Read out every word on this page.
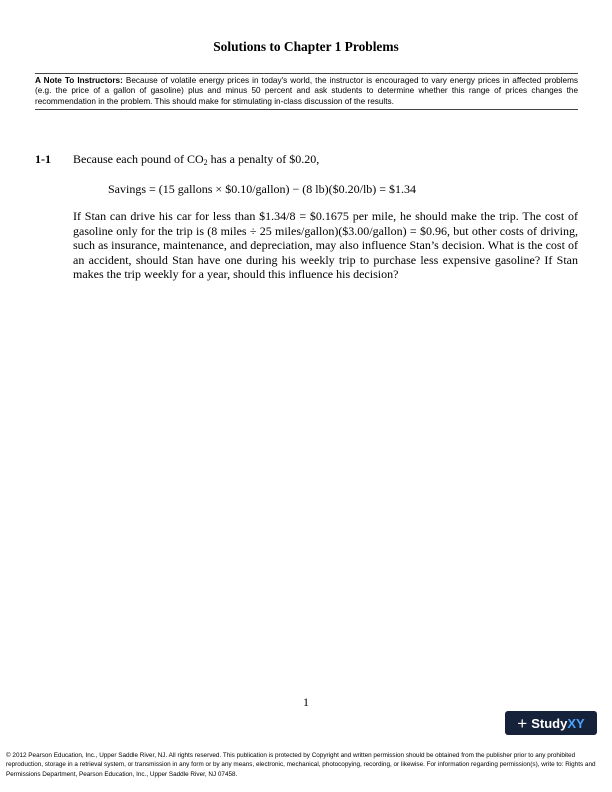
Solutions to Chapter 1 Problems
A Note To Instructors: Because of volatile energy prices in today's world, the instructor is encouraged to vary energy prices in affected problems (e.g. the price of a gallon of gasoline) plus and minus 50 percent and ask students to determine whether this range of prices changes the recommendation in the problem. This should make for stimulating in-class discussion of the results.
1-1 Because each pound of $CO_2$ has a penalty of $0.20,
Savings = (15 gallons × $0.10/gallon) − (8 lb)($0.20/lb) = $1.34
If Stan can drive his car for less than $1.34/8 = $0.1675 per mile, he should make the trip. The cost of gasoline only for the trip is (8 miles ÷ 25 miles/gallon)($3.00/gallon) = $0.96, but other costs of driving, such as insurance, maintenance, and depreciation, may also influence Stan’s decision. What is the cost of an accident, should Stan have one during his weekly trip to purchase less expensive gasoline? If Stan makes the trip weekly for a year, should this influence his decision?
1
+ StudyXY
© 2012 Pearson Education, Inc., Upper Saddle River, NJ. All rights reserved. This publication is protected by Copyright and written permission should be obtained from the publisher prior to any prohibited reproduction, storage in a retrieval system, or transmission in any form or by any means, electronic, mechanical, photocopying, recording, or likewise. For information regarding permission(s), write to: Rights and Permissions Department, Pearson Education, Inc., Upper Saddle River, NJ 07458.
